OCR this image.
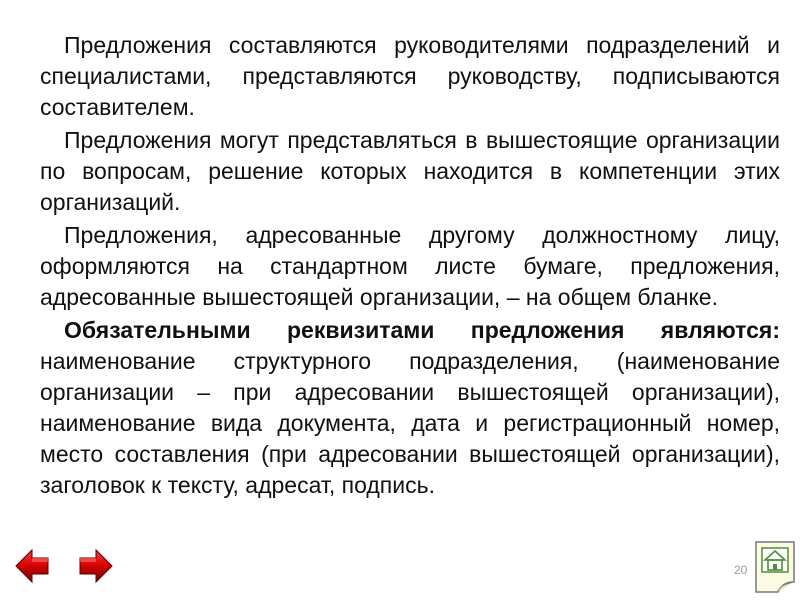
Предложения составляются руководителями подразделений и специалистами, представляются руководству, подписываются составителем.

Предложения могут представляться в вышестоящие организации по вопросам, решение которых находится в компетенции этих организаций.

Предложения, адресованные другому должностному лицу, оформляются на стандартном листе бумаге, предложения, адресованные вышестоящей организации, – на общем бланке.

Обязательными реквизитами предложения являются: наименование структурного подразделения, (наименование организации – при адресовании вышестоящей организации), наименование вида документа, дата и регистрационный номер, место составления (при адресовании вышестоящей организации), заголовок к тексту, адресат, подпись.

20
